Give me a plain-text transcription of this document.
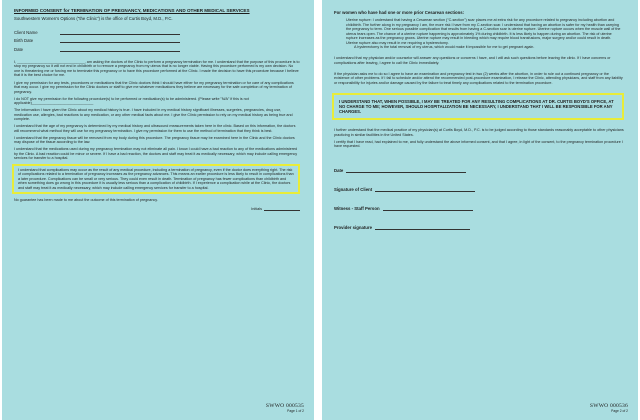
INFORMED CONSENT for TERMINATION OF PREGNANCY, MEDICATIONS AND OTHER MEDICAL SERVICES

Southwestern Women's Options ("the Clinic") is the office of Curtis Boyd, M.D., P.C.

Client Name
Birth Date
Date

I, _________________________________, am asking the doctors of the Clinic to perform a pregnancy termination for me. I understand that the purpose of this procedure is to stop my pregnancy so it will not end in childbirth or to remove a pregnancy from my uterus that is no longer viable. Having this procedure performed is my own decision. No one is threatening me or forcing me to terminate this pregnancy or to have this procedure performed at the Clinic. I made the decision to have this procedure because I believe that it is the best choice for me.

I give my permission for any tests, procedures or medications that the Clinic doctors think I should have either for my pregnancy termination or for care of any complications that may occur. I give my permission for the Clinic doctors or staff to give me whatever medications they believe are necessary for the safe completion of my termination of pregnancy.

I do NOT give my permission for the following procedure(s) to be performed or medication(s) to be administered. (Please write "N/A" if this is not applicable)______________________________

The information I have given the Clinic about my medical history is true. I have included in my medical history significant illnesses, surgeries, pregnancies, drug use, medication use, allergies, bad reactions to any medication, or any other medical facts about me. I give the Clinic permission to rely on my medical history as being true and complete.

I understand that the age of my pregnancy is determined by my medical history and ultrasound measurements taken here in the clinic. Based on this information, the doctors will recommend what method they will use for my pregnancy termination. I give my permission for them to use the method of termination that they think is best.

I understand that the pregnancy tissue will be removed from my body during this procedure. The pregnancy tissue may be examined here in the Clinic and the Clinic doctors may dispose of the tissue according to the law.

I understand that the medications used during my pregnancy termination may not eliminate all pain. I know I could have a bad reaction to any of the medications administered by the Clinic. A bad reaction could be minor or severe. If I have a bad reaction, the doctors and staff may treat it as medically necessary, which may include calling emergency services for transfer to a hospital.

I understand that complications may occur as the result of any medical procedure, including a termination of pregnancy, even if the doctor does everything right. The risk of complications related to a termination of pregnancy increases as the pregnancy advances. This means an earlier procedure is less likely to result in complications than a later procedure. Complications can be small or very serious. They could even result in death. Termination of pregnancy has fewer complications than childbirth and when something does go wrong in this procedure it is usually less serious than a complication of childbirth. If I experience a complication while at the Clinic, the doctors and staff may treat it as medically necessary, which may include calling emergency services for transfer to a hospital.

No guarantee has been made to me about the outcome of this termination of pregnancy.

Initials
SWWO 000535
Page 1 of 2

For women who have had one or more prior Cesarean sections:

Uterine rupture: I understand that having a Cesarean section ("C-section") scar places me at extra risk for any procedure related to pregnancy including abortion and childbirth. The further along in my pregnancy I am, the more risk I have from my C-section scar. I understand that having an abortion is safer for my health than carrying the pregnancy to term. One serious possible complication that results from having a C-section scar is uterine rupture. Uterine rupture occurs when the muscle wall of the uterus tears open. The chance of a uterine rupture happening is approximately 1% during childbirth. It is less likely to happen during an abortion. The risk of uterine rupture increases as the pregnancy grows. Uterine rupture may result in bleeding which may require blood transfusions, major surgery and/or could result in death. Uterine rupture also may result in me requiring a hysterectomy.

A hysterectomy is the total removal of my uterus, which would make it impossible for me to get pregnant again.

I understand that my physician and/or counselor will answer any questions or concerns I have, and I will ask such questions before leaving the clinic. If I have concerns or complications after leaving, I agree to call the Clinic immediately.

If the physician asks me to do so I agree to have an examination and pregnancy test in two (2) weeks after the abortion, in order to rule out a continued pregnancy or the existence of other problems. If I fail to schedule and/or attend the recommended post-procedure examination, I release the Clinic, attending physicians, and staff from any liability or responsibility for injuries and/or damage caused by the failure to treat timely any complications related to the termination procedure.

I UNDERSTAND THAT, WHEN POSSIBLE, I MAY BE TREATED FOR ANY RESULTING COMPLICATIONS AT DR. CURTIS BOYD'S OFFICE, AT NO CHARGE TO ME; HOWEVER, SHOULD HOSPITALIZATION BE NECESSARY, I UNDERSTAND THAT I WILL BE RESPONSIBLE FOR ANY CHARGES.

I further understand that the medical practice of my physician(s) at Curtis Boyd, M.D., P.C. is to be judged according to those standards reasonably acceptable to other physicians practicing in similar facilities in the United States.

I certify that I have read, had explained to me, and fully understand the above informed consent, and that I agree, in light of the consent, to the pregnancy termination procedure I have requested.

Date
Signature of Client
Witness - Staff Person
Provider signature
SWWO 000536
Page 2 of 2
